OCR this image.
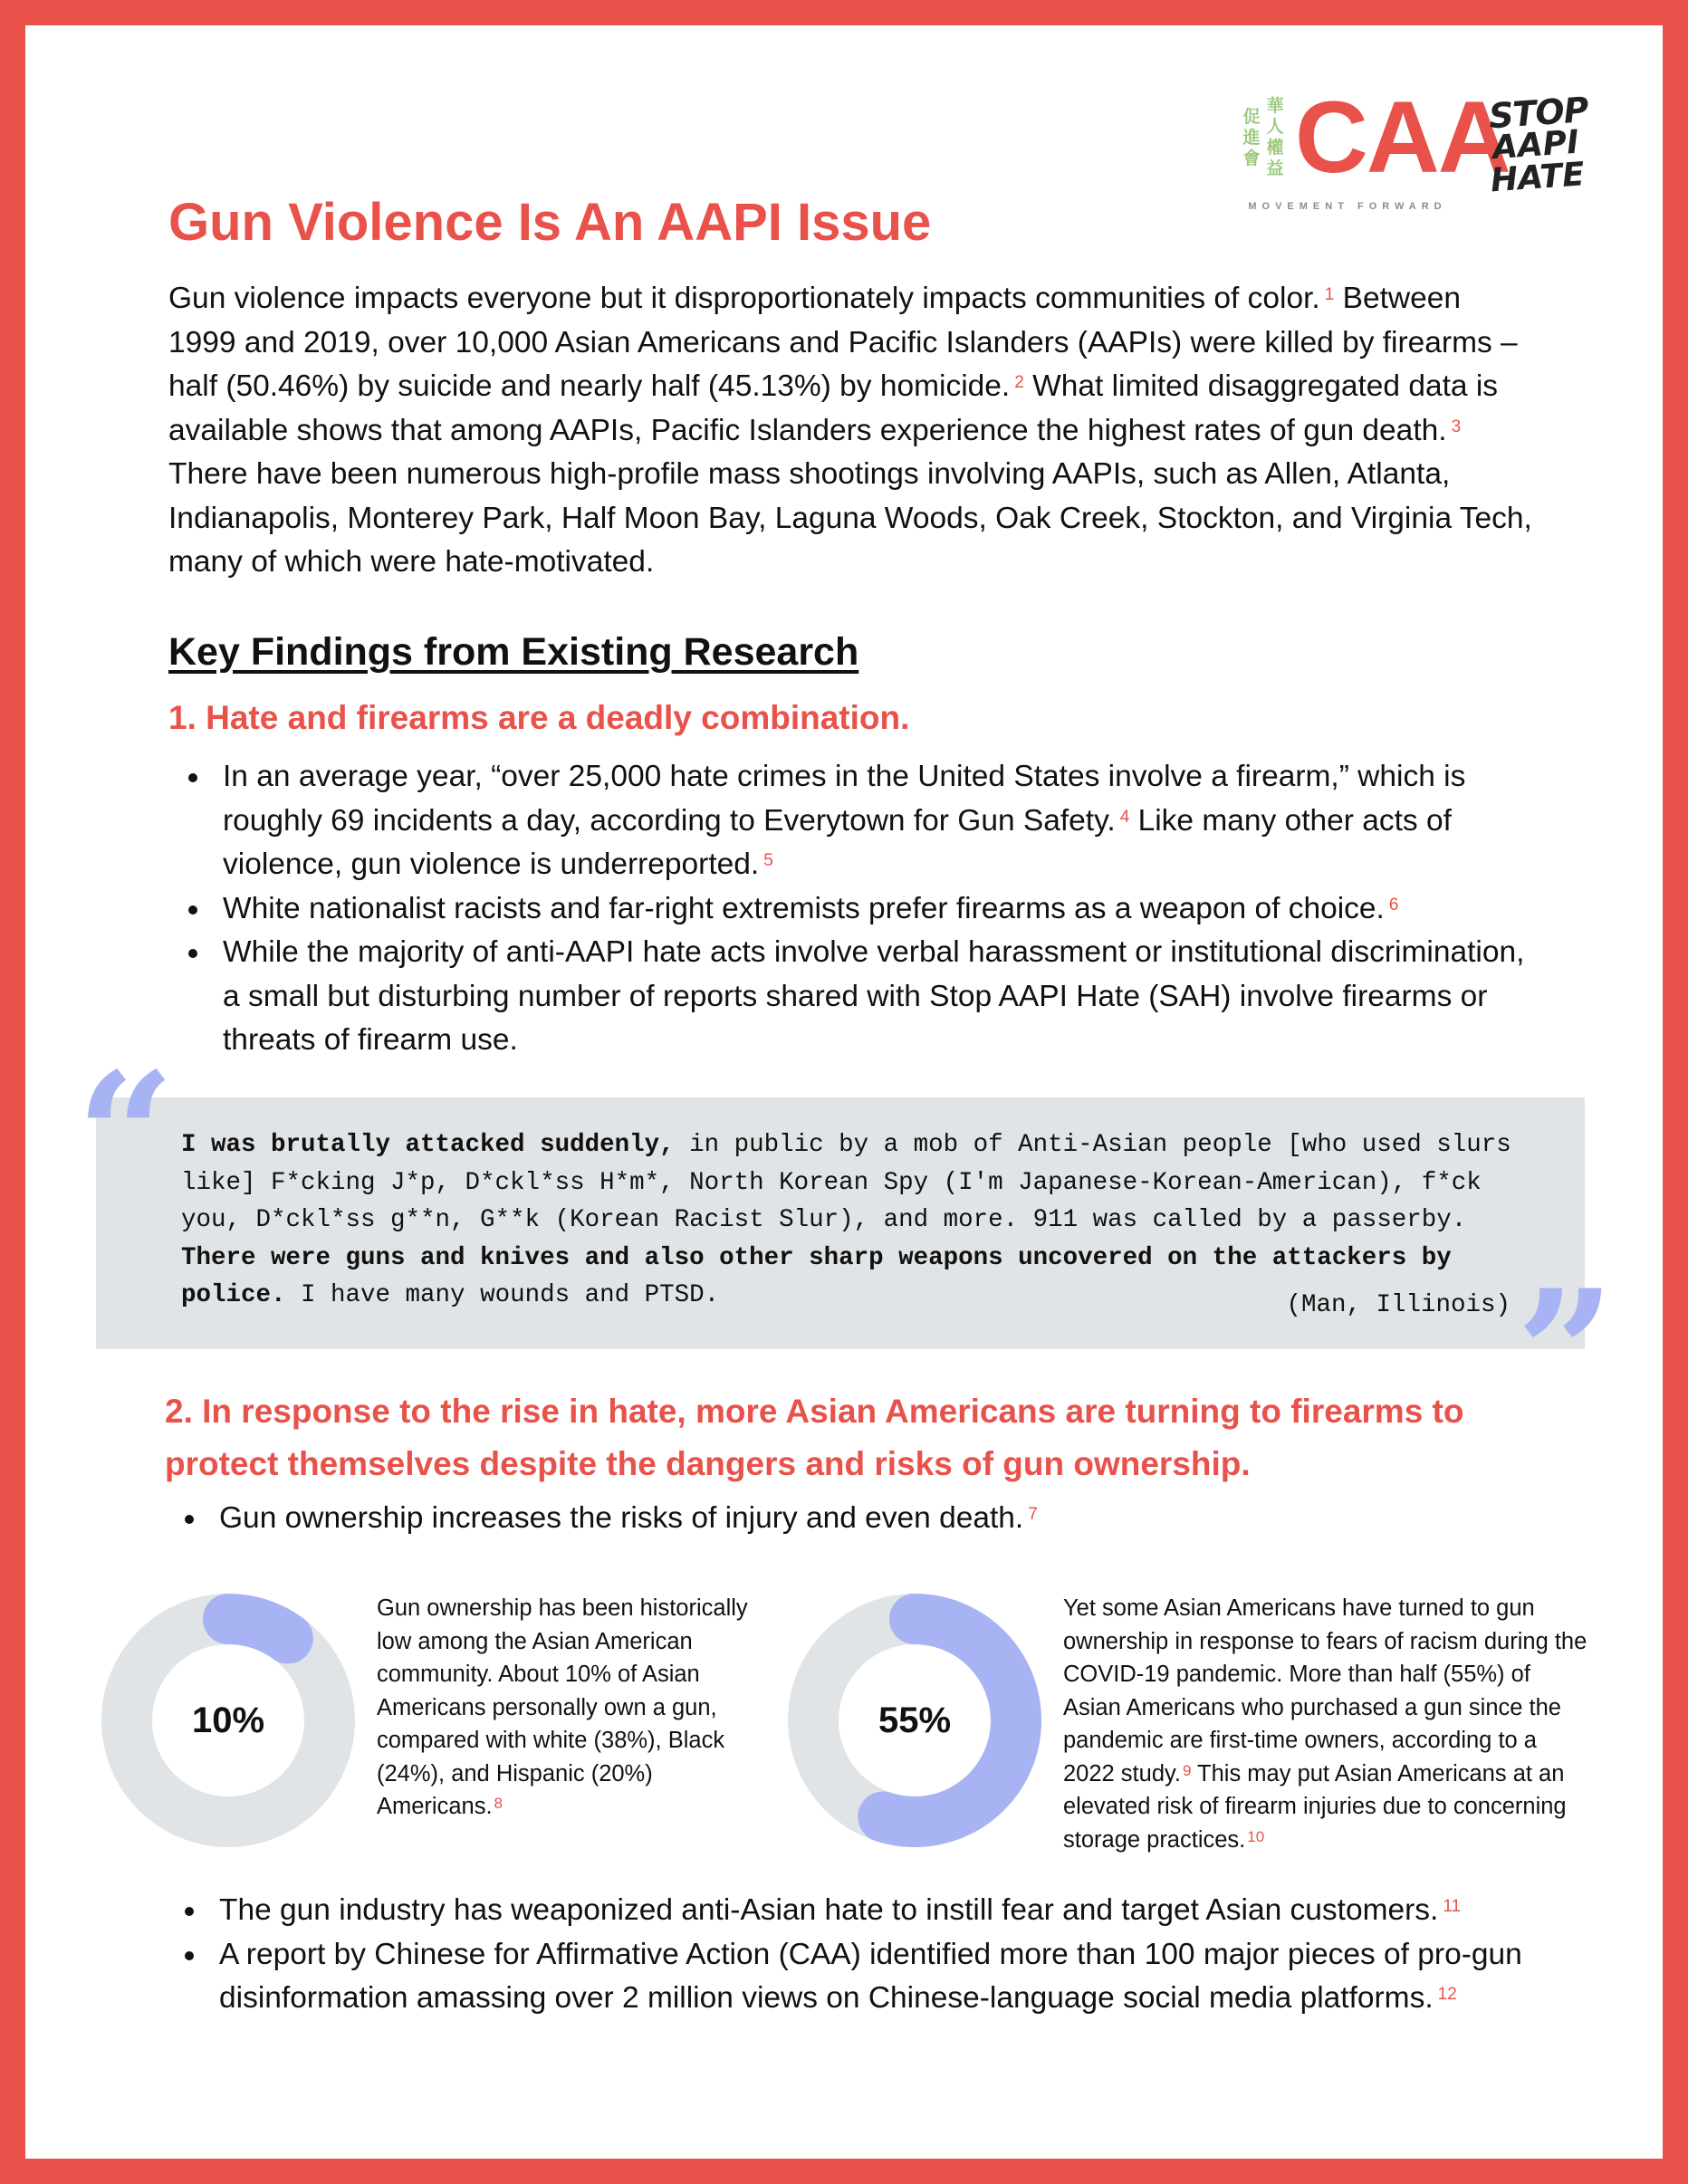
促
進
會
華
人
權
益 CAA
MOVEMENT FORWARD
STOP
AAPI
HATE
Gun Violence Is An AAPI Issue

Gun violence impacts everyone but it disproportionately impacts communities of color. $^1$ Between 1999 and 2019, over 10,000 Asian Americans and Pacific Islanders (AAPIs) were killed by firearms – half (50.46%) by suicide and nearly half (45.13%) by homicide. $^2$ What limited disaggregated data is available shows that among AAPIs, Pacific Islanders experience the highest rates of gun death. $^3$ There have been numerous high-profile mass shootings involving AAPIs, such as Allen, Atlanta, Indianapolis, Monterey Park, Half Moon Bay, Laguna Woods, Oak Creek, Stockton, and Virginia Tech, many of which were hate-motivated.

Key Findings from Existing Research
1. Hate and firearms are a deadly combination.
In an average year, “over 25,000 hate crimes in the United States involve a firearm,” which is roughly 69 incidents a day, according to Everytown for Gun Safety. $^4$ Like many other acts of violence, gun violence is underreported. $^5$
White nationalist racists and far-right extremists prefer firearms as a weapon of choice. $^6$
While the majority of anti-AAPI hate acts involve verbal harassment or institutional discrimination, a small but disturbing number of reports shared with Stop AAPI Hate (SAH) involve firearms or threats of firearm use.
“ I was brutally attacked suddenly, in public by a mob of Anti-Asian people [who used slurs like] F*cking J*p, D*ckl*ss H*m*, North Korean Spy (I'm Japanese-Korean-American), f*ck you, D*ckl*ss g**n, G**k (Korean Racist Slur), and more. 911 was called by a passerby. There were guns and knives and also other sharp weapons uncovered on the attackers by police. I have many wounds and PTSD.	(Man, Illinois) ”
2. In response to the rise in hate, more Asian Americans are turning to firearms to protect themselves despite the dangers and risks of gun ownership.
Gun ownership increases the risks of injury and even death. $^7$
10%
Gun ownership has been historically low among the Asian American community. About 10% of Asian Americans personally own a gun, compared with white (38%), Black (24%), and Hispanic (20%) Americans. $^8$
55%
Yet some Asian Americans have turned to gun ownership in response to fears of racism during the COVID-19 pandemic. More than half (55%) of Asian Americans who purchased a gun since the pandemic are first-time owners, according to a 2022 study. $^9$ This may put Asian Americans at an elevated risk of firearm injuries due to concerning storage practices. $^{10}$
The gun industry has weaponized anti-Asian hate to instill fear and target Asian customers. $^{11}$
A report by Chinese for Affirmative Action (CAA) identified more than 100 major pieces of pro-gun disinformation amassing over 2 million views on Chinese-language social media platforms. $^{12}$
